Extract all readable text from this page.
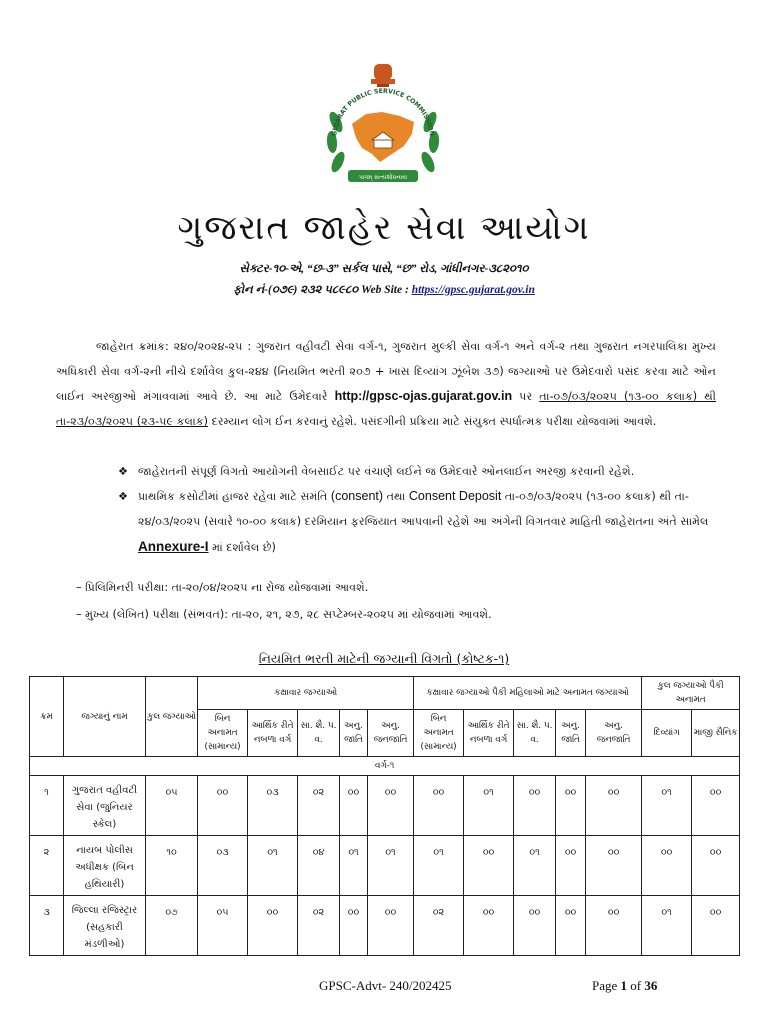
GUJARAT PUBLIC SERVICE COMMISSION
પાત્રમ્ સત્યશોધનાય
ગુજરાત જાહેર સેવા આયોગ
સેક્ટર-૧૦-એ, “છ-૩” સર્કલ પાસે, “છ” રોડ, ગાંધીનગર-૩૮૨૦૧૦
ફોન નં-(૦૭૯) ૨૩૨ ૫૮૯૮૦ Web Site : https://gpsc.gujarat.gov.in
જાહેરાત ક્રમાંક: ૨૪૦/૨૦૨૪-૨૫ : ગુજરાત વહીવટી સેવા વર્ગ-૧, ગુજરાત મુલ્કી સેવા વર્ગ-૧ અને વર્ગ-૨ તથા ગુજરાત નગરપાલિકા મુખ્ય અધિકારી સેવા વર્ગ-૨ની નીચે દર્શાવેલ કુલ-૨૪૪ (નિયમિત ભરતી ૨૦૭ + ખાસ દિવ્યાંગ ઝૂંબેશ ૩૭) જગ્યાઓ પર ઉમેદવારો પસંદ કરવા માટે ઓન લાઈન અરજીઓ મંગાવવામાં આવે છે. આ માટે ઉમેદવારે http://gpsc-ojas.gujarat.gov.in પર તા-૦૭/૦૩/૨૦૨૫ (૧૩-૦૦ કલાક) થી તા-૨૩/૦૩/૨૦૨૫ (૨૩-૫૯ કલાક) દરમ્યાન લોગ ઈન કરવાનું રહેશે. પસંદગીની પ્રક્રિયા માટે સંયુક્ત સ્પર્ધાત્મક પરીક્ષા યોજવામાં આવશે.
❖ જાહેરાતની સંપૂર્ણ વિગતો આયોગની વેબસાઈટ પર વંચાણે લઈને જ ઉમેદવારે ઓનલાઈન અરજી કરવાની રહેશે.
❖ પ્રાથમિક કસોટીમાં હાજર રહેવા માટે સમંતિ (consent) તથા Consent Deposit તા-૦૭/૦૩/૨૦૨૫ (૧૩-૦૦ કલાક) થી તા- ૨૪/૦૩/૨૦૨૫ (સવારે ૧૦-૦૦ કલાક) દરમિયાન ફરજિયાત આપવાની રહેશે આ અંગેની વિગતવાર માહિતી જાહેરાતના અંતે સામેલ Annexure-I માં દર્શાવેલ છે)
– પ્રિલિમિનરી પરીક્ષા: તા-૨૦/૦૪/૨૦૨૫ ના રોજ યોજવામાં આવશે.
– મુખ્ય (લેખિત) પરીક્ષા (સંભવત): તા-૨૦, ૨૧, ૨૭, ૨૮ સપ્ટેમ્બર-૨૦૨૫ માં યોજવામાં આવશે.
નિયમિત ભરતી માટેની જગ્યાની વિગતો (કોષ્ટક-૧)
ક્રમ	જગ્યાનું નામ	કુલ જગ્યાઓ	કક્ષાવાર જગ્યાઓ					કક્ષાવાર જગ્યાઓ પૈકી મહિલાઓ માટે અનામત જગ્યાઓ					કુલ જગ્યાઓ પૈકી અનામત	
			બિન અનામત (સામાન્ય)	આર્થિક રીતે નબળા વર્ગ	સા. શૈ. પ. વ.	અનુ. જાતિ	અનુ. જનજાતિ	બિન અનામત (સામાન્ય)	આર્થિક રીતે નબળા વર્ગ	સા. શૈ. પ. વ.	અનુ. જાતિ	અનુ. જનજાતિ	દિવ્યાંગ	માજી સૈનિક
વર્ગ-૧														
૧	ગુજરાત વહીવટી સેવા (જુનિયર સ્કેલ)	૦૫	૦૦	૦૩	૦૨	૦૦	૦૦	૦૦	૦૧	૦૦	૦૦	૦૦	૦૧	૦૦
૨	નાયબ પોલીસ અધીક્ષક (બિન હથિયારી)	૧૦	૦૩	૦૧	૦૪	૦૧	૦૧	૦૧	૦૦	૦૧	૦૦	૦૦	૦૦	૦૦
૩	જિલ્લા રજિસ્ટ્રાર (સહકારી મંડળીઓ)	૦૭	૦૫	૦૦	૦૨	૦૦	૦૦	૦૨	૦૦	૦૦	૦૦	૦૦	૦૧	૦૦
GPSC-Advt- 240/202425	Page 1 of 36
